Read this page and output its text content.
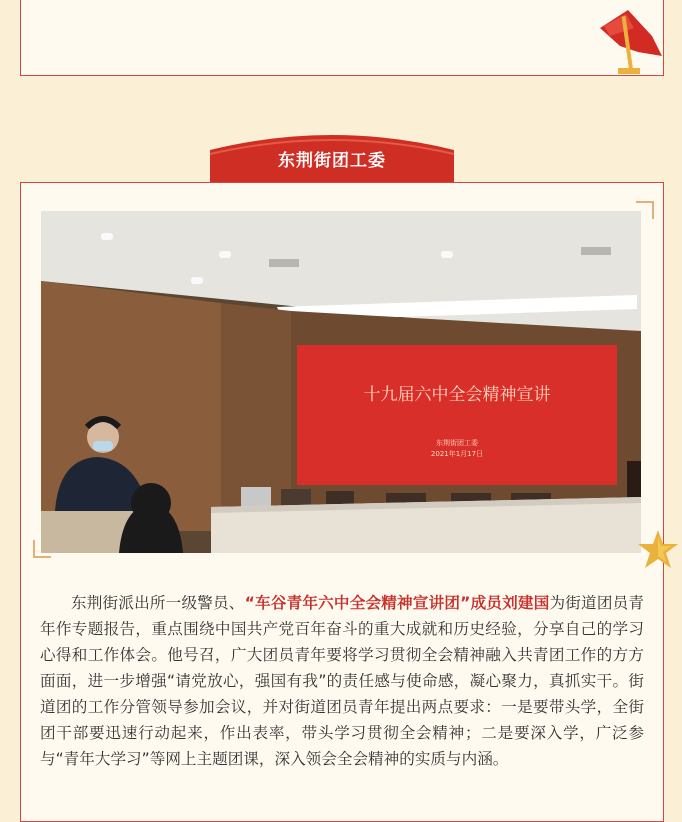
东荆街团工委
十九届六中全会精神宣讲
东荆街团工委
2021年1月17日

东荆街派出所一级警员、“车谷青年六中全会精神宣讲团”成员刘建国为街道团员青年作专题报告，重点围绕中国共产党百年奋斗的重大成就和历史经验，分享自己的学习心得和工作体会。他号召，广大团员青年要将学习贯彻全会精神融入共青团工作的方方面面，进一步增强“请党放心，强国有我”的责任感与使命感，凝心聚力，真抓实干。街道团的工作分管领导参加会议，并对街道团员青年提出两点要求：一是要带头学，全街团干部要迅速行动起来，作出表率，带头学习贯彻全会精神；二是要深入学，广泛参与“青年大学习”等网上主题团课，深入领会全会精神的实质与内涵。
